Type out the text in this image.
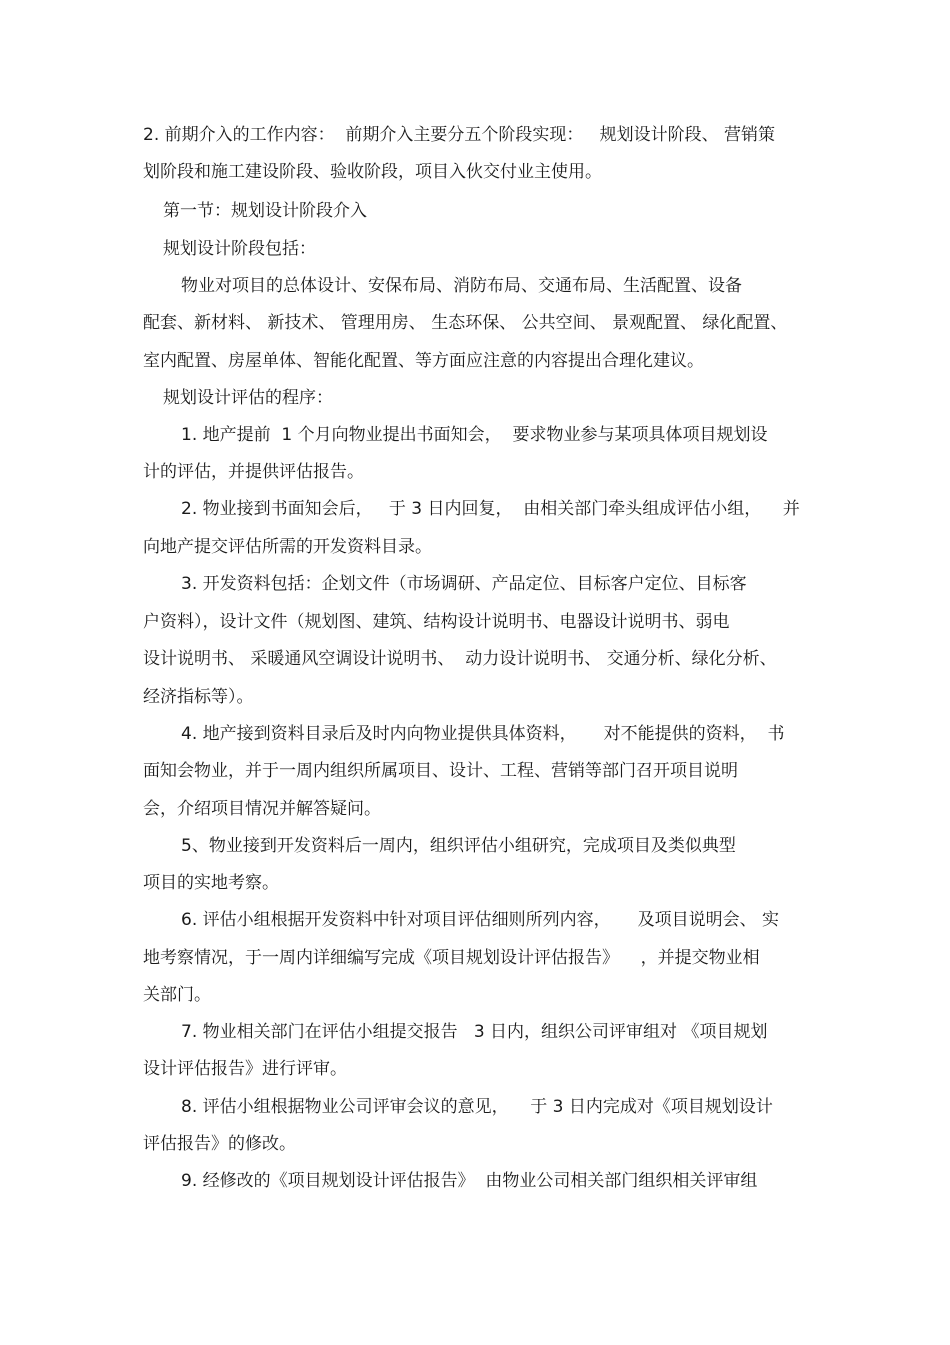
2. 前期介入的工作内容：  前期介入主要分五个阶段实现：   规划设计阶段、 营销策
划阶段和施工建设阶段、验收阶段，项目入伙交付业主使用。
第一节：规划设计阶段介入
规划设计阶段包括：
物业对项目的总体设计、安保布局、消防布局、交通布局、生活配置、设备
配套、新材料、 新技术、 管理用房、 生态环保、 公共空间、 景观配置、 绿化配置、
室内配置、房屋单体、智能化配置、等方面应注意的内容提出合理化建议。
规划设计评估的程序：
1. 地产提前  1 个月向物业提出书面知会，  要求物业参与某项具体项目规划设
计的评估，并提供评估报告。
2. 物业接到书面知会后，   于 3 日内回复，  由相关部门牵头组成评估小组，    并
向地产提交评估所需的开发资料目录。
3. 开发资料包括：企划文件（市场调研、产品定位、目标客户定位、目标客
户资料），设计文件（规划图、建筑、结构设计说明书、电器设计说明书、弱电
设计说明书、 采暖通风空调设计说明书、  动力设计说明书、 交通分析、绿化分析、
经济指标等）。
4. 地产接到资料目录后及时内向物业提供具体资料，     对不能提供的资料，  书
面知会物业，并于一周内组织所属项目、设计、工程、营销等部门召开项目说明
会，介绍项目情况并解答疑问。
5、物业接到开发资料后一周内，组织评估小组研究，完成项目及类似典型
项目的实地考察。
6. 评估小组根据开发资料中针对项目评估细则所列内容，     及项目说明会、 实
地考察情况，于一周内详细编写完成《项目规划设计评估报告》    ，并提交物业相
关部门。
7. 物业相关部门在评估小组提交报告   3 日内，组织公司评审组对 《项目规划
设计评估报告》进行评审。
8. 评估小组根据物业公司评审会议的意见，    于 3 日内完成对《项目规划设计
评估报告》的修改。
9. 经修改的《项目规划设计评估报告》  由物业公司相关部门组织相关评审组
